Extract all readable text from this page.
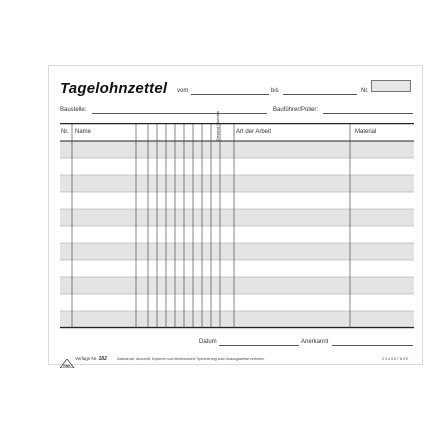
Tagelohnzettel vom	bis	Nr.
Baustelle:	Bauführer/Polier:
Nr. Name	Gesamt Stunden	Art der Arbeit	Material
Datum	Anerkannt
RNK
Verlags-Nr. 182	Nachdruck, Abschrift, Kopieren und elektronische Speicherung auch auszugsweise verboten.	2 3 4 5 6 7 8 9 E
